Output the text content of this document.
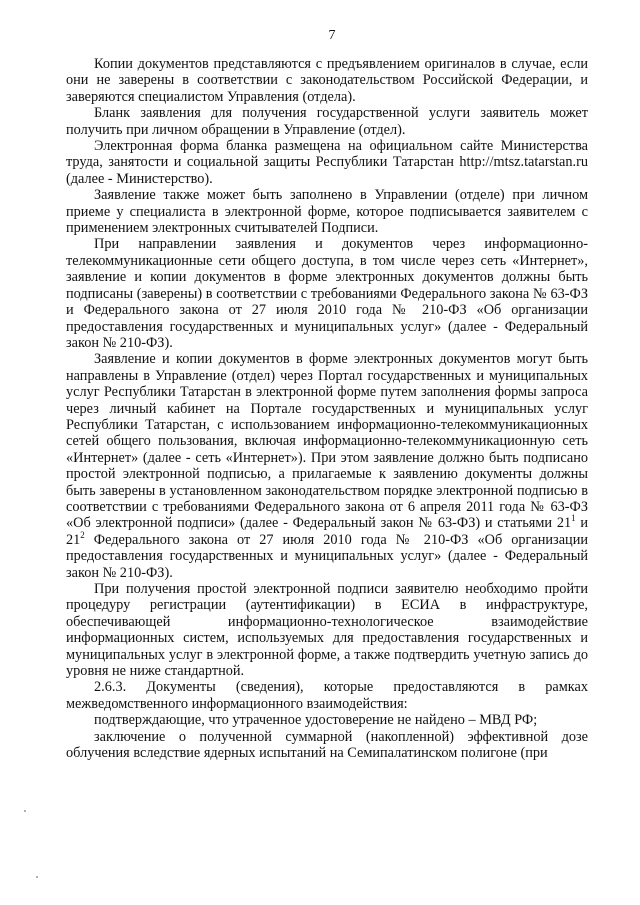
7

Копии документов представляются с предъявлением оригиналов в случае, если они не заверены в соответствии с законодательством Российской Федерации, и заверяются специалистом Управления (отдела).

Бланк заявления для получения государственной услуги заявитель может получить при личном обращении в Управление (отдел).

Электронная форма бланка размещена на официальном сайте Министерства труда, занятости и социальной защиты Республики Татарстан http://mtsz.tatarstan.ru (далее - Министерство).

Заявление также может быть заполнено в Управлении (отделе) при личном приеме у специалиста в электронной форме, которое подписывается заявителем с применением электронных считывателей Подписи.

При направлении заявления и документов через информационно-телекоммуникационные сети общего доступа, в том числе через сеть «Интернет», заявление и копии документов в форме электронных документов должны быть подписаны (заверены) в соответствии с требованиями Федерального закона № 63-ФЗ и Федерального закона от 27 июля 2010 года № 210-ФЗ «Об организации предоставления государственных и муниципальных услуг» (далее - Федеральный закон № 210-ФЗ).

Заявление и копии документов в форме электронных документов могут быть направлены в Управление (отдел) через Портал государственных и муниципальных услуг Республики Татарстан в электронной форме путем заполнения формы запроса через личный кабинет на Портале государственных и муниципальных услуг Республики Татарстан, с использованием информационно-телекоммуникационных сетей общего пользования, включая информационно-телекоммуникационную сеть «Интернет» (далее - сеть «Интернет»). При этом заявление должно быть подписано простой электронной подписью, а прилагаемые к заявлению документы должны быть заверены в установленном законодательством порядке электронной подписью в соответствии с требованиями Федерального закона от 6 апреля 2011 года № 63-ФЗ «Об электронной подписи» (далее - Федеральный закон № 63-ФЗ) и статьями $21^1$ и $21^2$ Федерального закона от 27 июля 2010 года № 210-ФЗ «Об организации предоставления государственных и муниципальных услуг» (далее - Федеральный закон № 210-ФЗ).

При получения простой электронной подписи заявителю необходимо пройти процедуру регистрации (аутентификации) в ЕСИА в инфраструктуре, обеспечивающей информационно-технологическое взаимодействие информационных систем, используемых для предоставления государственных и муниципальных услуг в электронной форме, а также подтвердить учетную запись до уровня не ниже стандартной.

2.6.3. Документы (сведения), которые предоставляются в рамках межведомственного информационного взаимодействия:

подтверждающие, что утраченное удостоверение не найдено – МВД РФ;

заключение о полученной суммарной (накопленной) эффективной дозе облучения вследствие ядерных испытаний на Семипалатинском полигоне (при
